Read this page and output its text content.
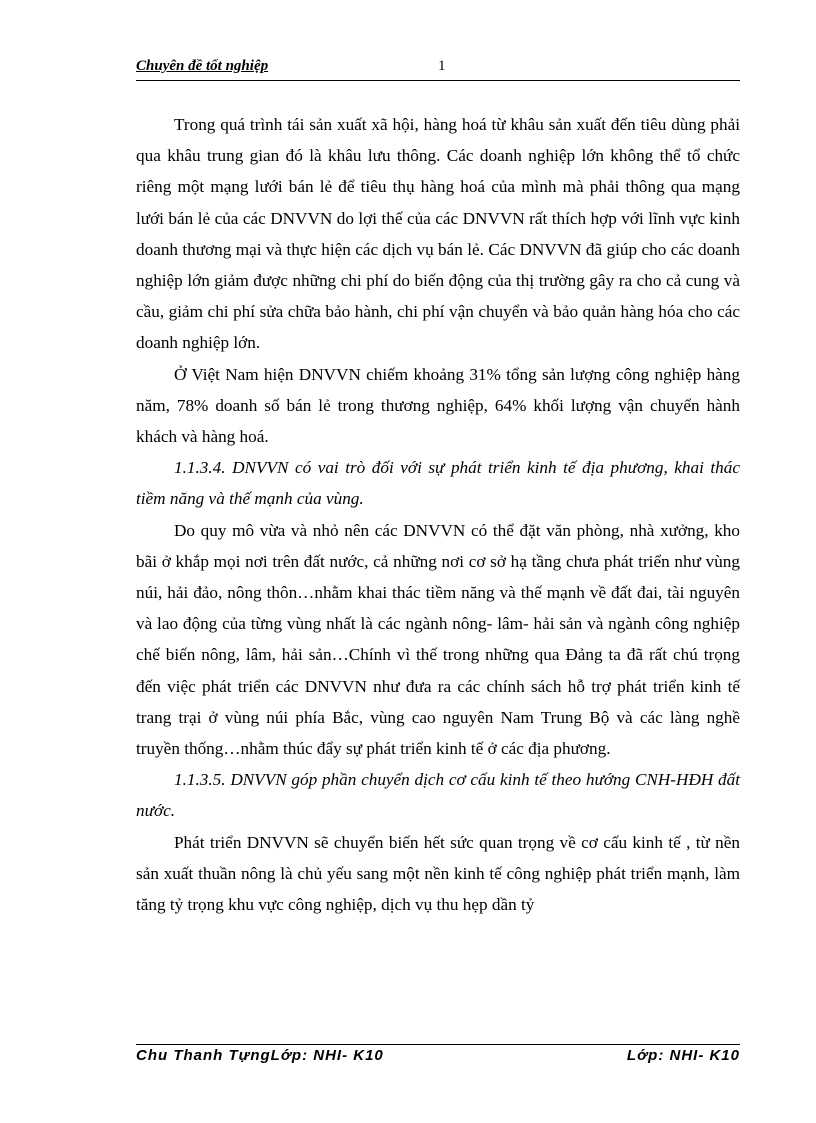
Chuyên đề tốt nghiệp	1

Trong quá trình tái sản xuất xã hội, hàng hoá từ khâu sản xuất đến tiêu dùng phải qua khâu trung gian đó là khâu lưu thông. Các doanh nghiệp lớn không thể tổ chức riêng một mạng lưới bán lẻ để tiêu thụ hàng hoá của mình mà phải thông qua mạng lưới bán lẻ của các DNVVN do lợi thế của các DNVVN rất thích hợp với lĩnh vực kinh doanh thương mại và thực hiện các dịch vụ bán lẻ. Các DNVVN đã giúp cho các doanh nghiệp lớn giảm được những chi phí do biến động của thị trường gây ra cho cả cung và cầu, giảm chi phí sửa chữa bảo hành, chi phí vận chuyển và bảo quản hàng hóa cho các doanh nghiệp lớn.

Ở Việt Nam hiện DNVVN chiếm khoảng 31% tổng sản lượng công nghiệp hàng năm, 78% doanh số bán lẻ trong thương nghiệp, 64% khối lượng vận chuyển hành khách và hàng hoá.

1.1.3.4. DNVVN có vai trò đối với sự phát triển kinh tế địa phương, khai thác tiềm năng và thế mạnh của vùng.

Do quy mô vừa và nhỏ nên các DNVVN có thể đặt văn phòng, nhà xưởng, kho bãi ở khắp mọi nơi trên đất nước, cả những nơi cơ sở hạ tầng chưa phát triển như vùng núi, hải đảo, nông thôn…nhằm khai thác tiềm năng và thế mạnh về đất đai, tài nguyên và lao động của từng vùng nhất là các ngành nông- lâm- hải sản và ngành công nghiệp chế biến nông, lâm, hải sản…Chính vì thế trong những qua Đảng ta đã rất chú trọng đến việc phát triển các DNVVN như đưa ra các chính sách hỗ trợ phát triển kinh tế trang trại ở vùng núi phía Bắc, vùng cao nguyên Nam Trung Bộ và các làng nghề truyền thống…nhằm thúc đẩy sự phát triển kinh tế ở các địa phương.

1.1.3.5. DNVVN góp phần chuyển dịch cơ cấu kinh tế theo hướng CNH-HĐH đất nước.

Phát triển DNVVN sẽ chuyển biến hết sức quan trọng về cơ cấu kinh tế , từ nền sản xuất thuần nông là chủ yếu sang một nền kinh tế công nghiệp phát triển mạnh, làm tăng tỷ trọng khu vực công nghiệp, dịch vụ thu hẹp dần tỷ

Chu Thanh TựngLớp: NHI- K10	Lớp: NHI- K10
